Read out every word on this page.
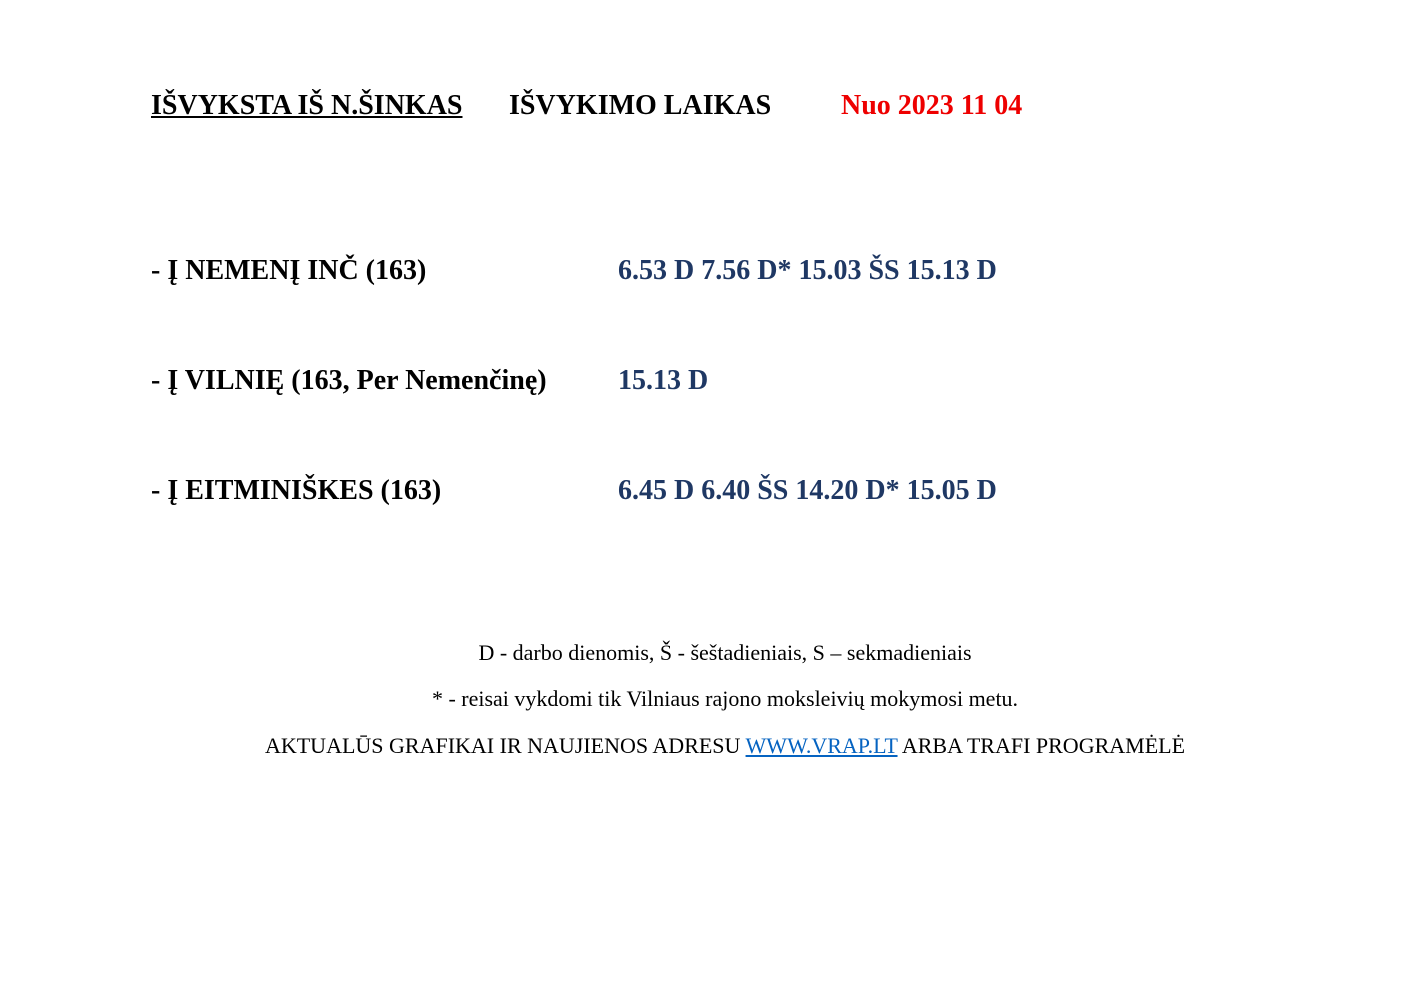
IŠVYKSTA IŠ N.ŠINKAS IŠVYKIMO LAIKAS Nuo 2023 11 04
- Į NEMENĮ INČ (163)	6.53 D 7.56 D* 15.03 ŠS 15.13 D
- Į VILNIĘ (163, Per Nemenčinę)	15.13 D
- Į EITMINIŠKES (163)	6.45 D 6.40 ŠS 14.20 D* 15.05 D
D - darbo dienomis, Š - šeštadieniais, S – sekmadieniais
* - reisai vykdomi tik Vilniaus rajono moksleivių mokymosi metu.
AKTUALŪS GRAFIKAI IR NAUJIENOS ADRESU WWW.VRAP.LT ARBA TRAFI PROGRAMĖLĖ
